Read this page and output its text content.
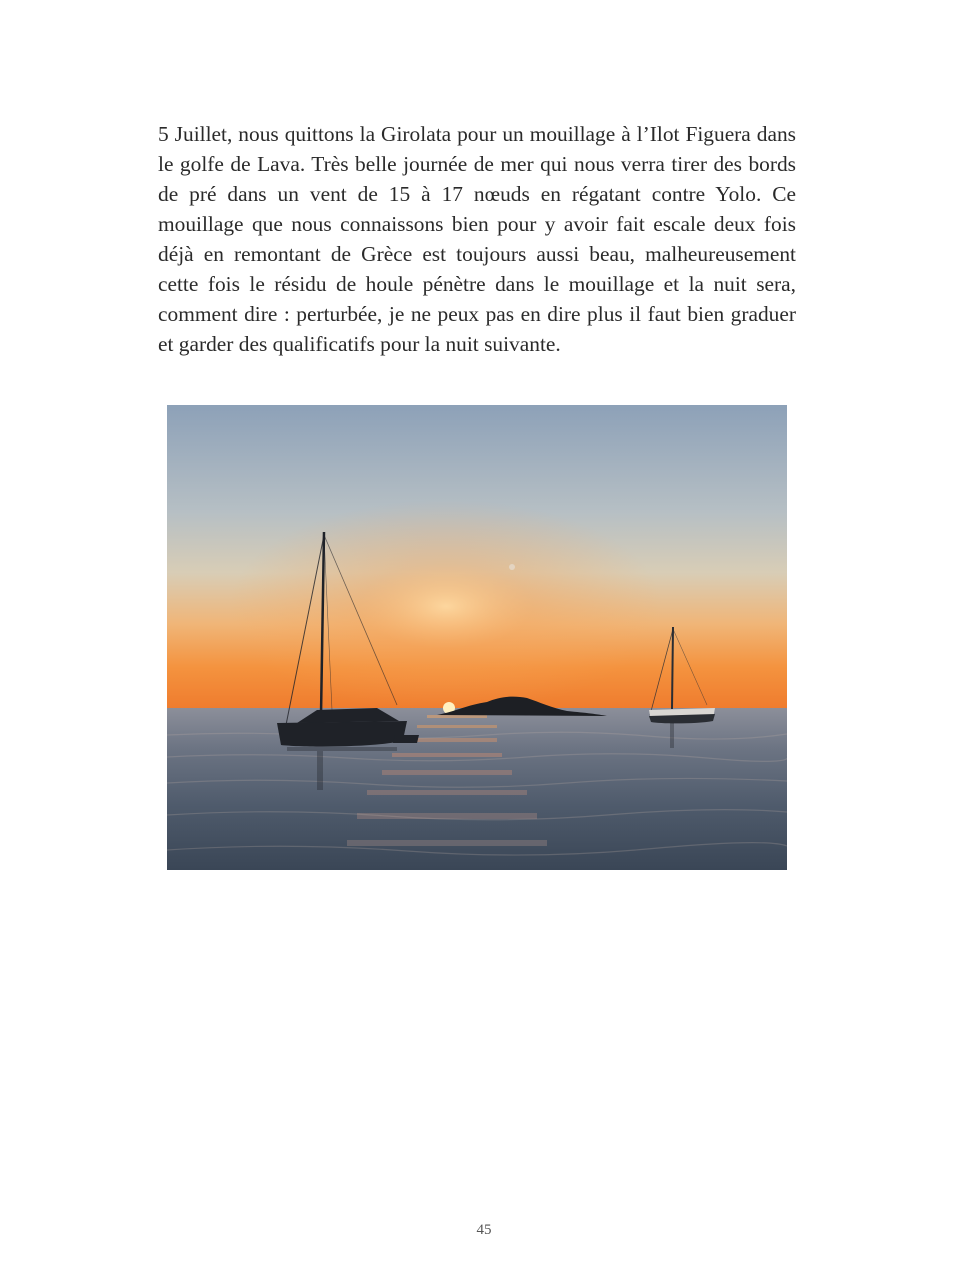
5 Juillet, nous quittons la Girolata pour un mouillage à l’Ilot Figuera dans le golfe de Lava. Très belle journée de mer qui nous verra tirer des bords de pré dans un vent de 15 à 17 nœuds en régatant contre Yolo. Ce mouillage que nous connaissons bien pour y avoir fait escale deux fois déjà en remontant de Grèce est toujours aussi beau, malheureusement cette fois le résidu de houle pénètre dans le mouillage et la nuit sera, comment dire : perturbée, je ne peux pas en dire plus il faut bien graduer et garder des qualificatifs pour la nuit suivante.

45
